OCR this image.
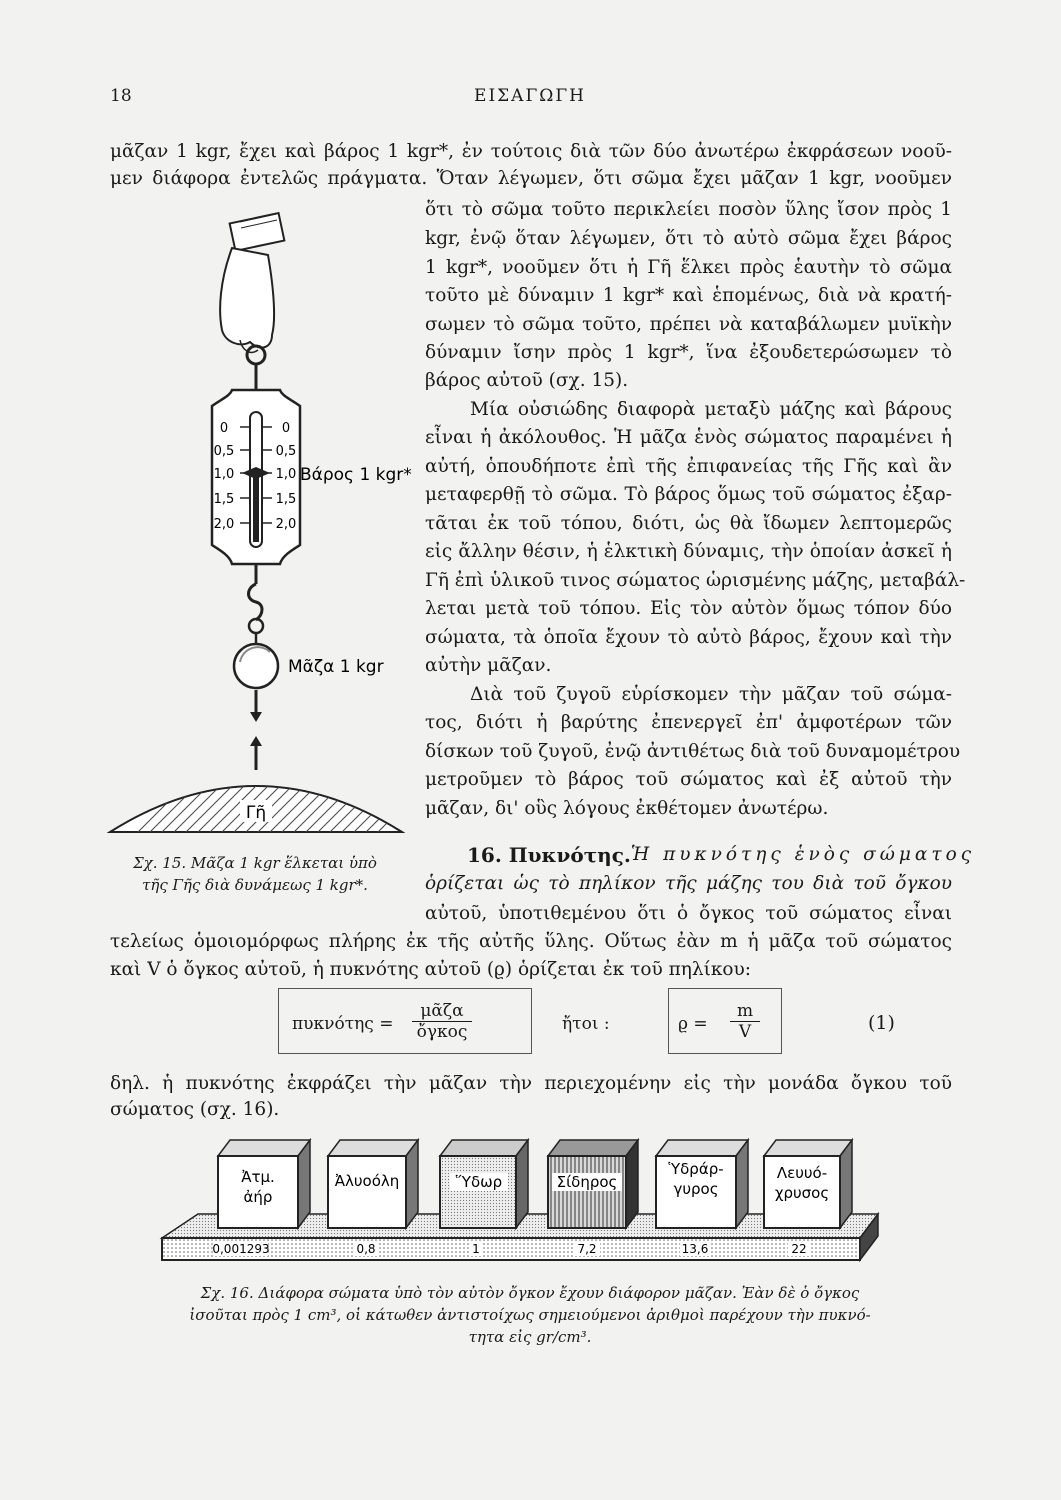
18	ΕΙΣΑΓΩΓΗ
μᾶζαν 1 kgr, ἔχει καὶ βάρος 1 kgr*, ἐν τούτοις διὰ τῶν δύο ἀνωτέρω ἐκφράσεων νοοῦ-
μεν διάφορα ἐντελῶς πράγματα. Ὅταν λέγωμεν, ὅτι σῶμα ἔχει μᾶζαν 1 kgr, νοοῦμεν
ὅτι τὸ σῶμα τοῦτο περικλείει ποσὸν ὕλης ἴσον πρὸς 1
kgr, ἐνῷ ὅταν λέγωμεν, ὅτι τὸ αὐτὸ σῶμα ἔχει βάρος
1 kgr*, νοοῦμεν ὅτι ἡ Γῆ ἕλκει πρὸς ἑαυτὴν τὸ σῶμα
τοῦτο μὲ δύναμιν 1 kgr* καὶ ἑπομένως, διὰ νὰ κρατή-
σωμεν τὸ σῶμα τοῦτο, πρέπει νὰ καταβάλωμεν μυϊκὴν
δύναμιν ἴσην πρὸς 1 kgr*, ἵνα ἐξουδετερώσωμεν τὸ
βάρος αὐτοῦ (σχ. 15).
Μία οὐσιώδης διαφορὰ μεταξὺ μάζης καὶ βάρους
εἶναι ἡ ἀκόλουθος. Ἡ μᾶζα ἑνὸς σώματος παραμένει ἡ
αὐτή, ὁπουδήποτε ἐπὶ τῆς ἐπιφανείας τῆς Γῆς καὶ ἂν
μεταφερθῇ τὸ σῶμα. Τὸ βάρος ὅμως τοῦ σώματος ἐξαρ-
τᾶται ἐκ τοῦ τόπου, διότι, ὡς θὰ ἴδωμεν λεπτομερῶς
εἰς ἄλλην θέσιν, ἡ ἑλκτικὴ δύναμις, τὴν ὁποίαν ἀσκεῖ ἡ
Γῆ ἐπὶ ὑλικοῦ τινος σώματος ὡρισμένης μάζης, μεταβάλ-
λεται μετὰ τοῦ τόπου. Εἰς τὸν αὐτὸν ὅμως τόπον δύο
σώματα, τὰ ὁποῖα ἔχουν τὸ αὐτὸ βάρος, ἔχουν καὶ τὴν
αὐτὴν μᾶζαν.
Διὰ τοῦ ζυγοῦ εὑρίσκομεν τὴν μᾶζαν τοῦ σώμα-
τος, διότι ἡ βαρύτης ἐπενεργεῖ ἐπ' ἀμφοτέρων τῶν
δίσκων τοῦ ζυγοῦ, ἐνῷ ἀντιθέτως διὰ τοῦ δυναμομέτρου
μετροῦμεν τὸ βάρος τοῦ σώματος καὶ ἐξ αὐτοῦ τὴν
μᾶζαν, δι' οὓς λόγους ἐκθέτομεν ἀνωτέρω.
16. Πυκνότης. Ἡ πυκνότης ἑνὸς σώματος
ὁρίζεται ὡς τὸ πηλίκον τῆς μάζης του διὰ τοῦ ὄγκου
αὐτοῦ, ὑποτιθεμένου ὅτι ὁ ὄγκος τοῦ σώματος εἶναι
τελείως ὁμοιομόρφως πλήρης ἐκ τῆς αὐτῆς ὕλης. Οὕτως ἐὰν m ἡ μᾶζα τοῦ σώματος
καὶ V ὁ ὄγκος αὐτοῦ, ἡ πυκνότης αὐτοῦ (ϱ) ὁρίζεται ἐκ τοῦ πηλίκου:
πυκνότης =
μᾶζα
ὄγκος	ἤτοι :	$ϱ = \frac{m}{V}$	(1)
δηλ. ἡ πυκνότης ἐκφράζει τὴν μᾶζαν τὴν περιεχομένην εἰς τὴν μονάδα ὄγκου τοῦ
σώματος (σχ. 16).
0
0,5
1,0
1,5
2,0
0
0,5
1,0
1,5
2,0
Βάρος 1 kgr*
Μᾶζα 1 kgr
Γῆ
Σχ. 15. Μᾶζα 1 kgr ἕλκεται ὑπὸ
τῆς Γῆς διὰ δυνάμεως 1 kgr*.
Ἀτμ.
ἀήρ
Ἀλυοόλη	Ὕδωρ	Σίδηρος
Ὑδράρ-
γυρος
Λευυό-
χρυσος
0,001293	0,8	1	7,2	13,6	22
Σχ. 16. Διάφορα σώματα ὑπὸ τὸν αὐτὸν ὄγκον ἔχουν διάφορον μᾶζαν. Ἐὰν δὲ ὁ ὄγκος
ἰσοῦται πρὸς 1 cm³, οἱ κάτωθεν ἀντιστοίχως σημειούμενοι ἀριθμοὶ παρέχουν τὴν πυκνό-
τητα εἰς gr/cm³.
